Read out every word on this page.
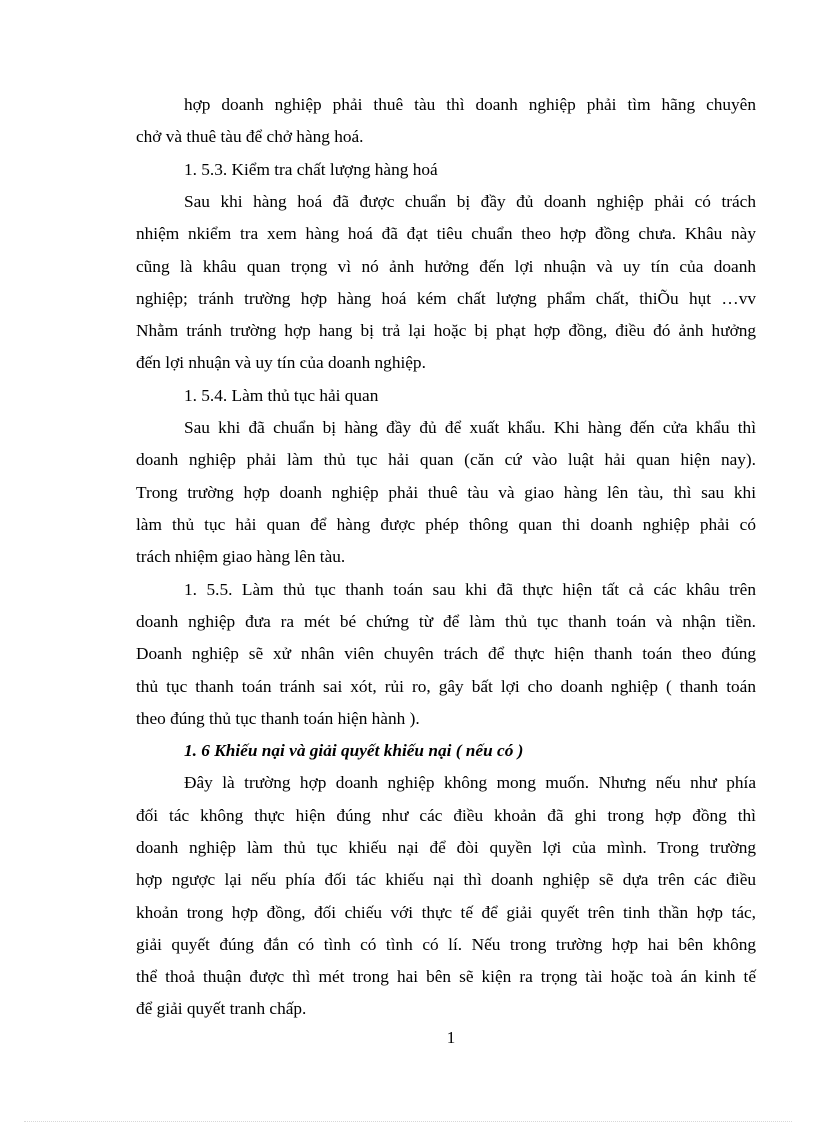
hợp doanh nghiệp phải thuê tàu thì doanh nghiệp phải tìm hãng chuyên
chở và thuê tàu để chở hàng hoá.
1. 5.3. Kiểm tra chất lượng hàng hoá
Sau khi hàng hoá đã được chuẩn bị đầy đủ doanh nghiệp phải có trách
nhiệm nkiểm tra xem hàng hoá đã đạt tiêu chuẩn theo hợp đồng chưa. Khâu này
cũng là khâu quan trọng vì nó ảnh hưởng đến lợi nhuận và uy tín của doanh
nghiệp; tránh trường hợp hàng hoá kém chất lượng phẩm chất, thiÕu hụt …vv
Nhằm tránh trường hợp hang bị trả lại hoặc bị phạt hợp đồng, điều đó ảnh hưởng
đến lợi nhuận và uy tín của doanh nghiệp.
1. 5.4. Làm thủ tục hải quan
Sau khi đã chuẩn bị hàng đầy đủ để xuất khẩu. Khi hàng đến cửa khẩu thì
doanh nghiệp phải làm thủ tục hải quan (căn cứ vào luật hải quan hiện nay).
Trong trường hợp doanh nghiệp phải thuê tàu và giao hàng lên tàu, thì sau khi
làm thủ tục hải quan để hàng được phép thông quan thi doanh nghiệp phải có
trách nhiệm giao hàng lên tàu.
1. 5.5. Làm thủ tục thanh toán sau khi đã thực hiện tất cả các khâu trên
doanh nghiệp đưa ra mét bé chứng từ để làm thủ tục thanh toán và nhận tiền.
Doanh nghiệp sẽ xử nhân viên chuyên trách để thực hiện thanh toán theo đúng
thủ tục thanh toán tránh sai xót, rủi ro, gây bất lợi cho doanh nghiệp ( thanh toán
theo đúng thủ tục thanh toán hiện hành ).
1. 6 Khiếu nại và giải quyết khiếu nại ( nếu có )
Đây là trường hợp doanh nghiệp không mong muốn. Nhưng nếu như phía
đối tác không thực hiện đúng như các điều khoản đã ghi trong hợp đồng thì
doanh nghiệp làm thủ tục khiếu nại để đòi quyền lợi của mình. Trong trường
hợp ngược lại nếu phía đối tác khiếu nại thì doanh nghiệp sẽ dựa trên các điều
khoản trong hợp đồng, đối chiếu với thực tế để giải quyết trên tinh thần hợp tác,
giải quyết đúng đắn có tình có tình có lí. Nếu trong trường hợp hai bên không
thể thoả thuận được thì mét trong hai bên sẽ kiện ra trọng tài hoặc toà án kinh tế
để giải quyết tranh chấp.
1
